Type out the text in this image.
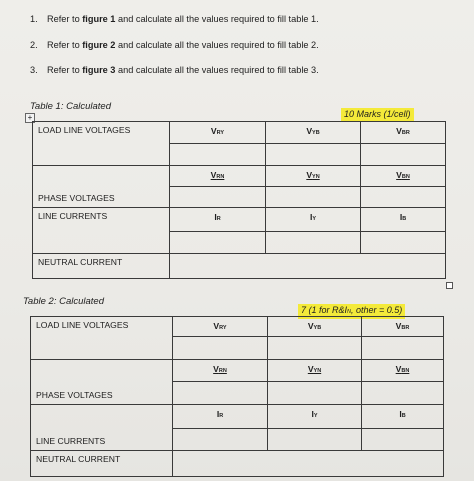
1. Refer to figure 1 and calculate all the values required to fill table 1.
2. Refer to figure 2 and calculate all the values required to fill table 2.
3. Refer to figure 3 and calculate all the values required to fill table 3.
Table 1: Calculated
+	10 Marks (1/cell)
LOAD LINE VOLTAGES	VRY	VYB	VBR

PHASE VOLTAGES	VRN	VYN	VBN

LINE CURRENTS	IR	IY	IB

NEUTRAL CURRENT			
Table 2: Calculated
7 (1 for R&IN, other = 0.5)
LOAD LINE VOLTAGES	VRY	VYB	VBR

PHASE VOLTAGES	VRN	VYN	VBN

LINE CURRENTS	IR	IY	IB

NEUTRAL CURRENT			
